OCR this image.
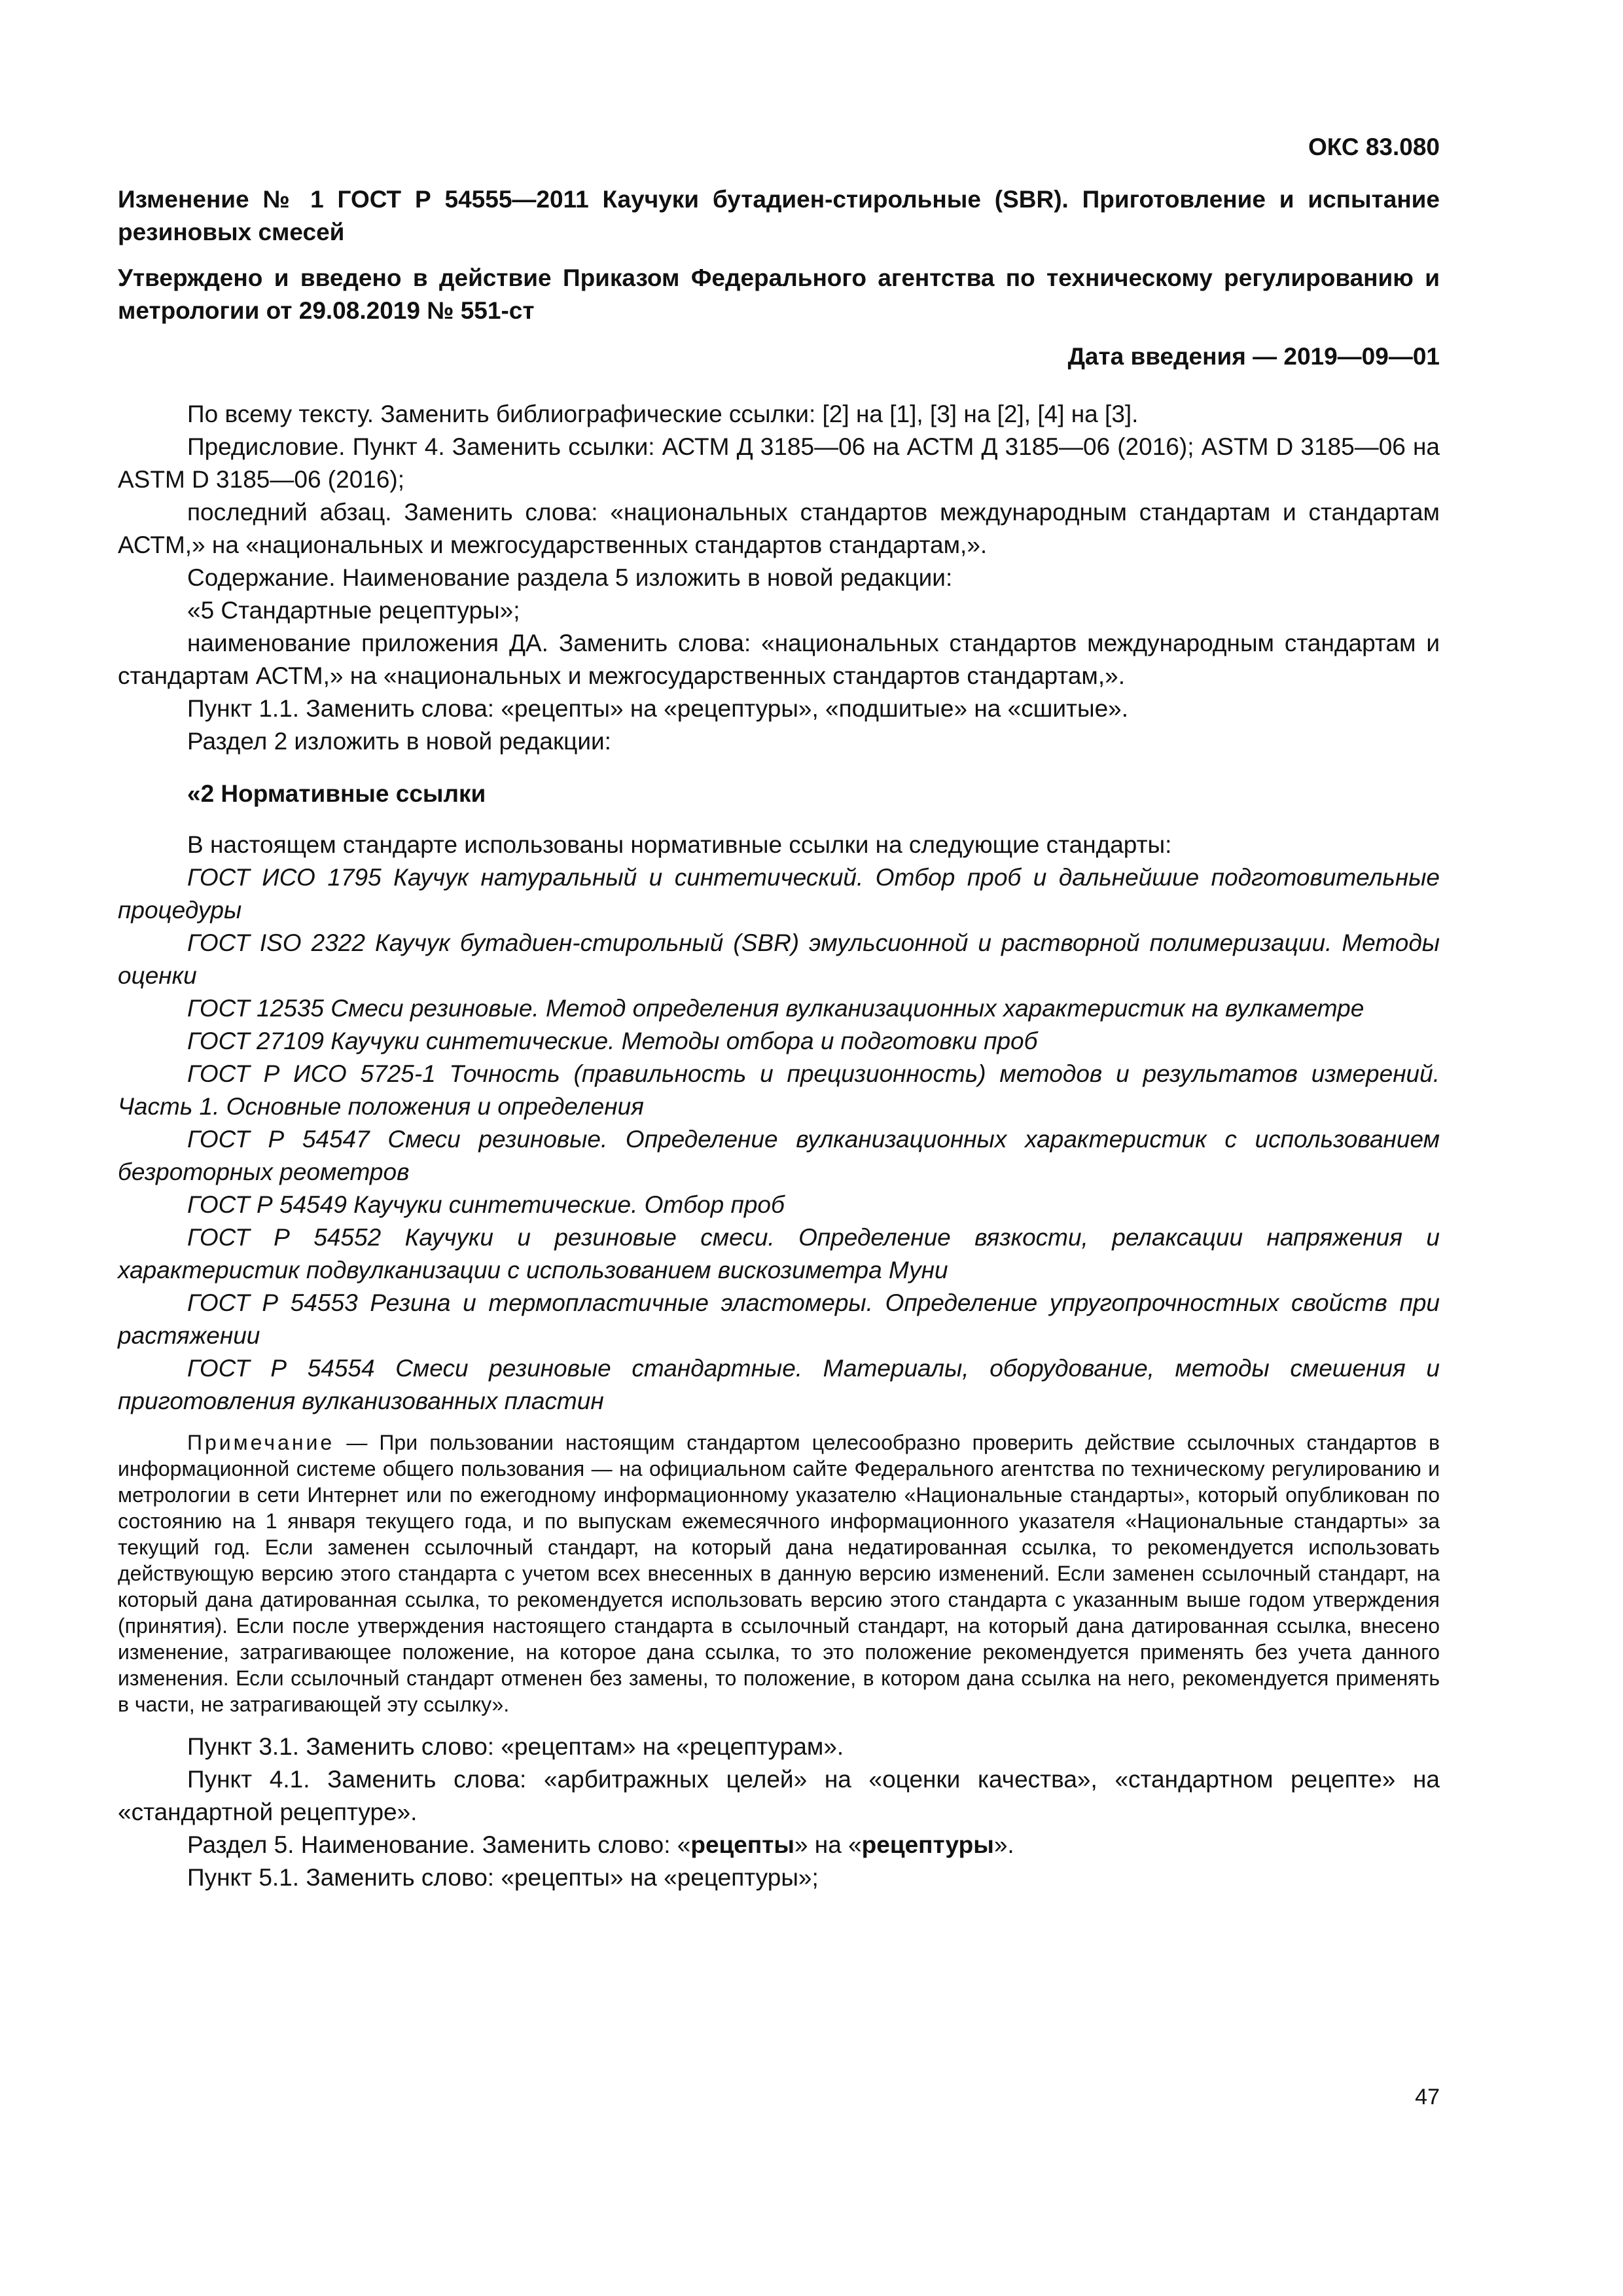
ОКС 83.080

Изменение № 1 ГОСТ Р 54555—2011 Каучуки бутадиен-стирольные (SBR). Приготовление и испытание резиновых смесей

Утверждено и введено в действие Приказом Федерального агентства по техническому регулированию и метрологии от 29.08.2019 № 551-ст

Дата введения — 2019—09—01

По всему тексту. Заменить библиографические ссылки: [2] на [1], [3] на [2], [4] на [3].

Предисловие. Пункт 4. Заменить ссылки: АСТМ Д 3185—06 на АСТМ Д 3185—06 (2016); ASTM D 3185—06 на ASTM D 3185—06 (2016);

последний абзац. Заменить слова: «национальных стандартов международным стандартам и стандартам АСТМ,» на «национальных и межгосударственных стандартов стандартам,».

Содержание. Наименование раздела 5 изложить в новой редакции:

«5 Стандартные рецептуры»;

наименование приложения ДА. Заменить слова: «национальных стандартов международным стандартам и стандартам АСТМ,» на «национальных и межгосударственных стандартов стандартам,».

Пункт 1.1. Заменить слова: «рецепты» на «рецептуры», «подшитые» на «сшитые».

Раздел 2 изложить в новой редакции:

«2 Нормативные ссылки

В настоящем стандарте использованы нормативные ссылки на следующие стандарты:

ГОСТ ИСО 1795 Каучук натуральный и синтетический. Отбор проб и дальнейшие подготовительные процедуры

ГОСТ ISO 2322 Каучук бутадиен-стирольный (SBR) эмульсионной и растворной полимеризации. Методы оценки

ГОСТ 12535 Смеси резиновые. Метод определения вулканизационных характеристик на вулкаметре

ГОСТ 27109 Каучуки синтетические. Методы отбора и подготовки проб

ГОСТ Р ИСО 5725-1 Точность (правильность и прецизионность) методов и результатов измерений. Часть 1. Основные положения и определения

ГОСТ Р 54547 Смеси резиновые. Определение вулканизационных характеристик с использованием безроторных реометров

ГОСТ Р 54549 Каучуки синтетические. Отбор проб

ГОСТ Р 54552 Каучуки и резиновые смеси. Определение вязкости, релаксации напряжения и характеристик подвулканизации с использованием вискозиметра Муни

ГОСТ Р 54553 Резина и термопластичные эластомеры. Определение упругопрочностных свойств при растяжении

ГОСТ Р 54554 Смеси резиновые стандартные. Материалы, оборудование, методы смешения и приготовления вулканизованных пластин

Примечание — При пользовании настоящим стандартом целесообразно проверить действие ссылочных стандартов в информационной системе общего пользования — на официальном сайте Федерального агентства по техническому регулированию и метрологии в сети Интернет или по ежегодному информационному указателю «Национальные стандарты», который опубликован по состоянию на 1 января текущего года, и по выпускам ежемесячного информационного указателя «Национальные стандарты» за текущий год. Если заменен ссылочный стандарт, на который дана недатированная ссылка, то рекомендуется использовать действующую версию этого стандарта с учетом всех внесенных в данную версию изменений. Если заменен ссылочный стандарт, на который дана датированная ссылка, то рекомендуется использовать версию этого стандарта с указанным выше годом утверждения (принятия). Если после утверждения настоящего стандарта в ссылочный стандарт, на который дана датированная ссылка, внесено изменение, затрагивающее положение, на которое дана ссылка, то это положение рекомендуется применять без учета данного изменения. Если ссылочный стандарт отменен без замены, то положение, в котором дана ссылка на него, рекомендуется применять в части, не затрагивающей эту ссылку».

Пункт 3.1. Заменить слово: «рецептам» на «рецептурам».

Пункт 4.1. Заменить слова: «арбитражных целей» на «оценки качества», «стандартном рецепте» на «стандартной рецептуре».

Раздел 5. Наименование. Заменить слово: «рецепты» на «рецептуры».

Пункт 5.1. Заменить слово: «рецепты» на «рецептуры»;

47
